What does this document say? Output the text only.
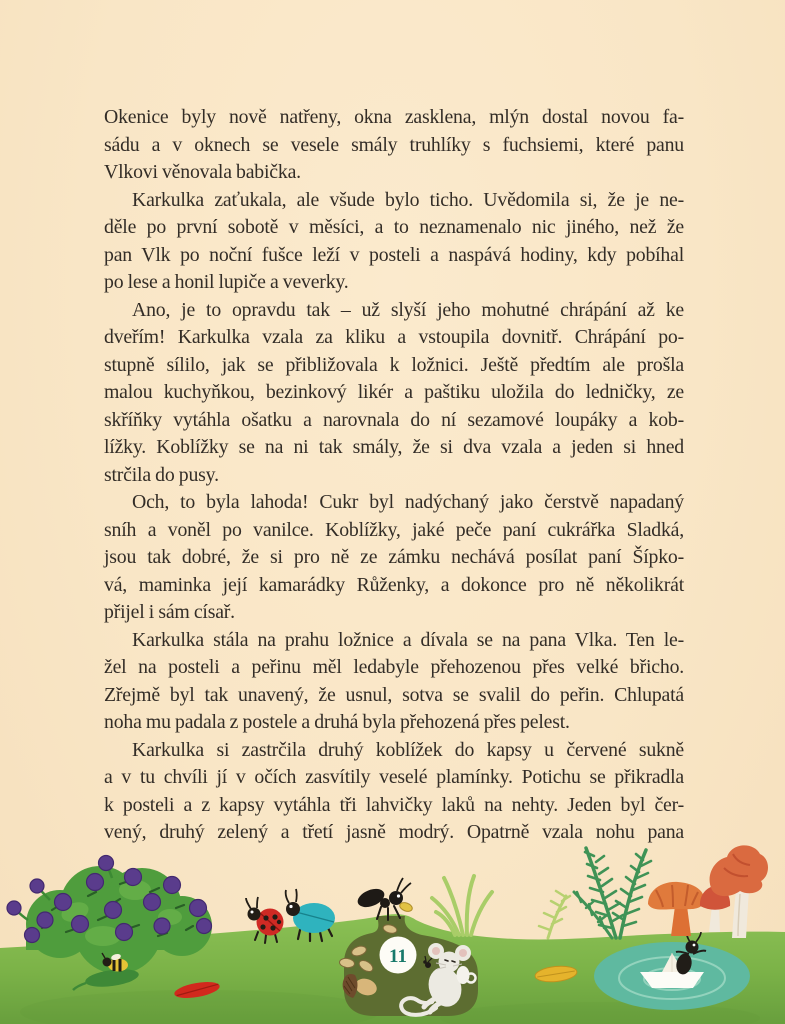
Okenice byly nově natřeny, okna zasklena, mlýn dostal novou fa-
sádu a v oknech se vesele smály truhlíky s fuchsiemi, které panu
Vlkovi věnovala babička.
Karkulka zaťukala, ale všude bylo ticho. Uvědomila si, že je ne-
děle po první sobotě v měsíci, a to neznamenalo nic jiného, než že
pan Vlk po noční fušce leží v posteli a naspává hodiny, kdy pobíhal
po lese a honil lupiče a veverky.
Ano, je to opravdu tak – už slyší jeho mohutné chrápání až ke
dveřím! Karkulka vzala za kliku a vstoupila dovnitř. Chrápání po-
stupně sílilo, jak se přibližovala k ložnici. Ještě předtím ale prošla
malou kuchyňkou, bezinkový likér a paštiku uložila do ledničky, ze
skříňky vytáhla ošatku a narovnala do ní sezamové loupáky a kob-
lížky. Koblížky se na ni tak smály, že si dva vzala a jeden si hned
strčila do pusy.
Och, to byla lahoda! Cukr byl nadýchaný jako čerstvě napadaný
sníh a voněl po vanilce. Koblížky, jaké peče paní cukrářka Sladká,
jsou tak dobré, že si pro ně ze zámku nechává posílat paní Šípko-
vá, maminka její kamarádky Růženky, a dokonce pro ně několikrát
přijel i sám císař.
Karkulka stála na prahu ložnice a dívala se na pana Vlka. Ten le-
žel na posteli a peřinu měl ledabyle přehozenou přes velké břicho.
Zřejmě byl tak unavený, že usnul, sotva se svalil do peřin. Chlupatá
noha mu padala z postele a druhá byla přehozená přes pelest.
Karkulka si zastrčila druhý koblížek do kapsy u červené sukně
a v tu chvíli jí v očích zasvítily veselé plamínky. Potichu se přikradla
k posteli a z kapsy vytáhla tři lahvičky laků na nehty. Jeden byl čer-
vený, druhý zelený a třetí jasně modrý. Opatrně vzala nohu pana
11
